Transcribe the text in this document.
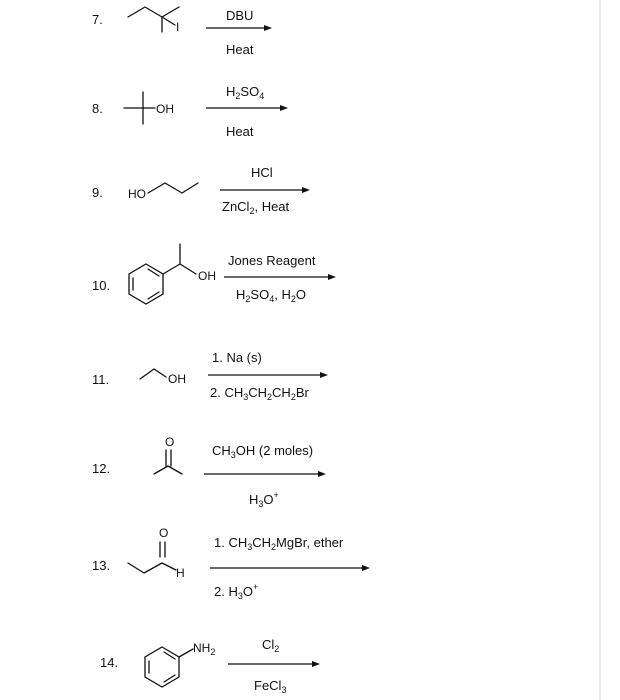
7.	I
DBU
Heat
8.	OH
$H_2SO_4$
Heat
9. HO
HCl
ZnCl$_2$, Heat
10.
OH
Jones Reagent
$H_2SO_4$, $H_2O$
11.	OH
1. Na (s)
2. $CH_3CH_2CH_2Br$
12.
O
$CH_3OH$ (2 moles)
$H_3O^+$
13.
O
H
1. $CH_3CH_2MgBr$, ether
2. $H_3O^+$
14.
$NH_2$	$Cl_2$
FeCl$_3$
